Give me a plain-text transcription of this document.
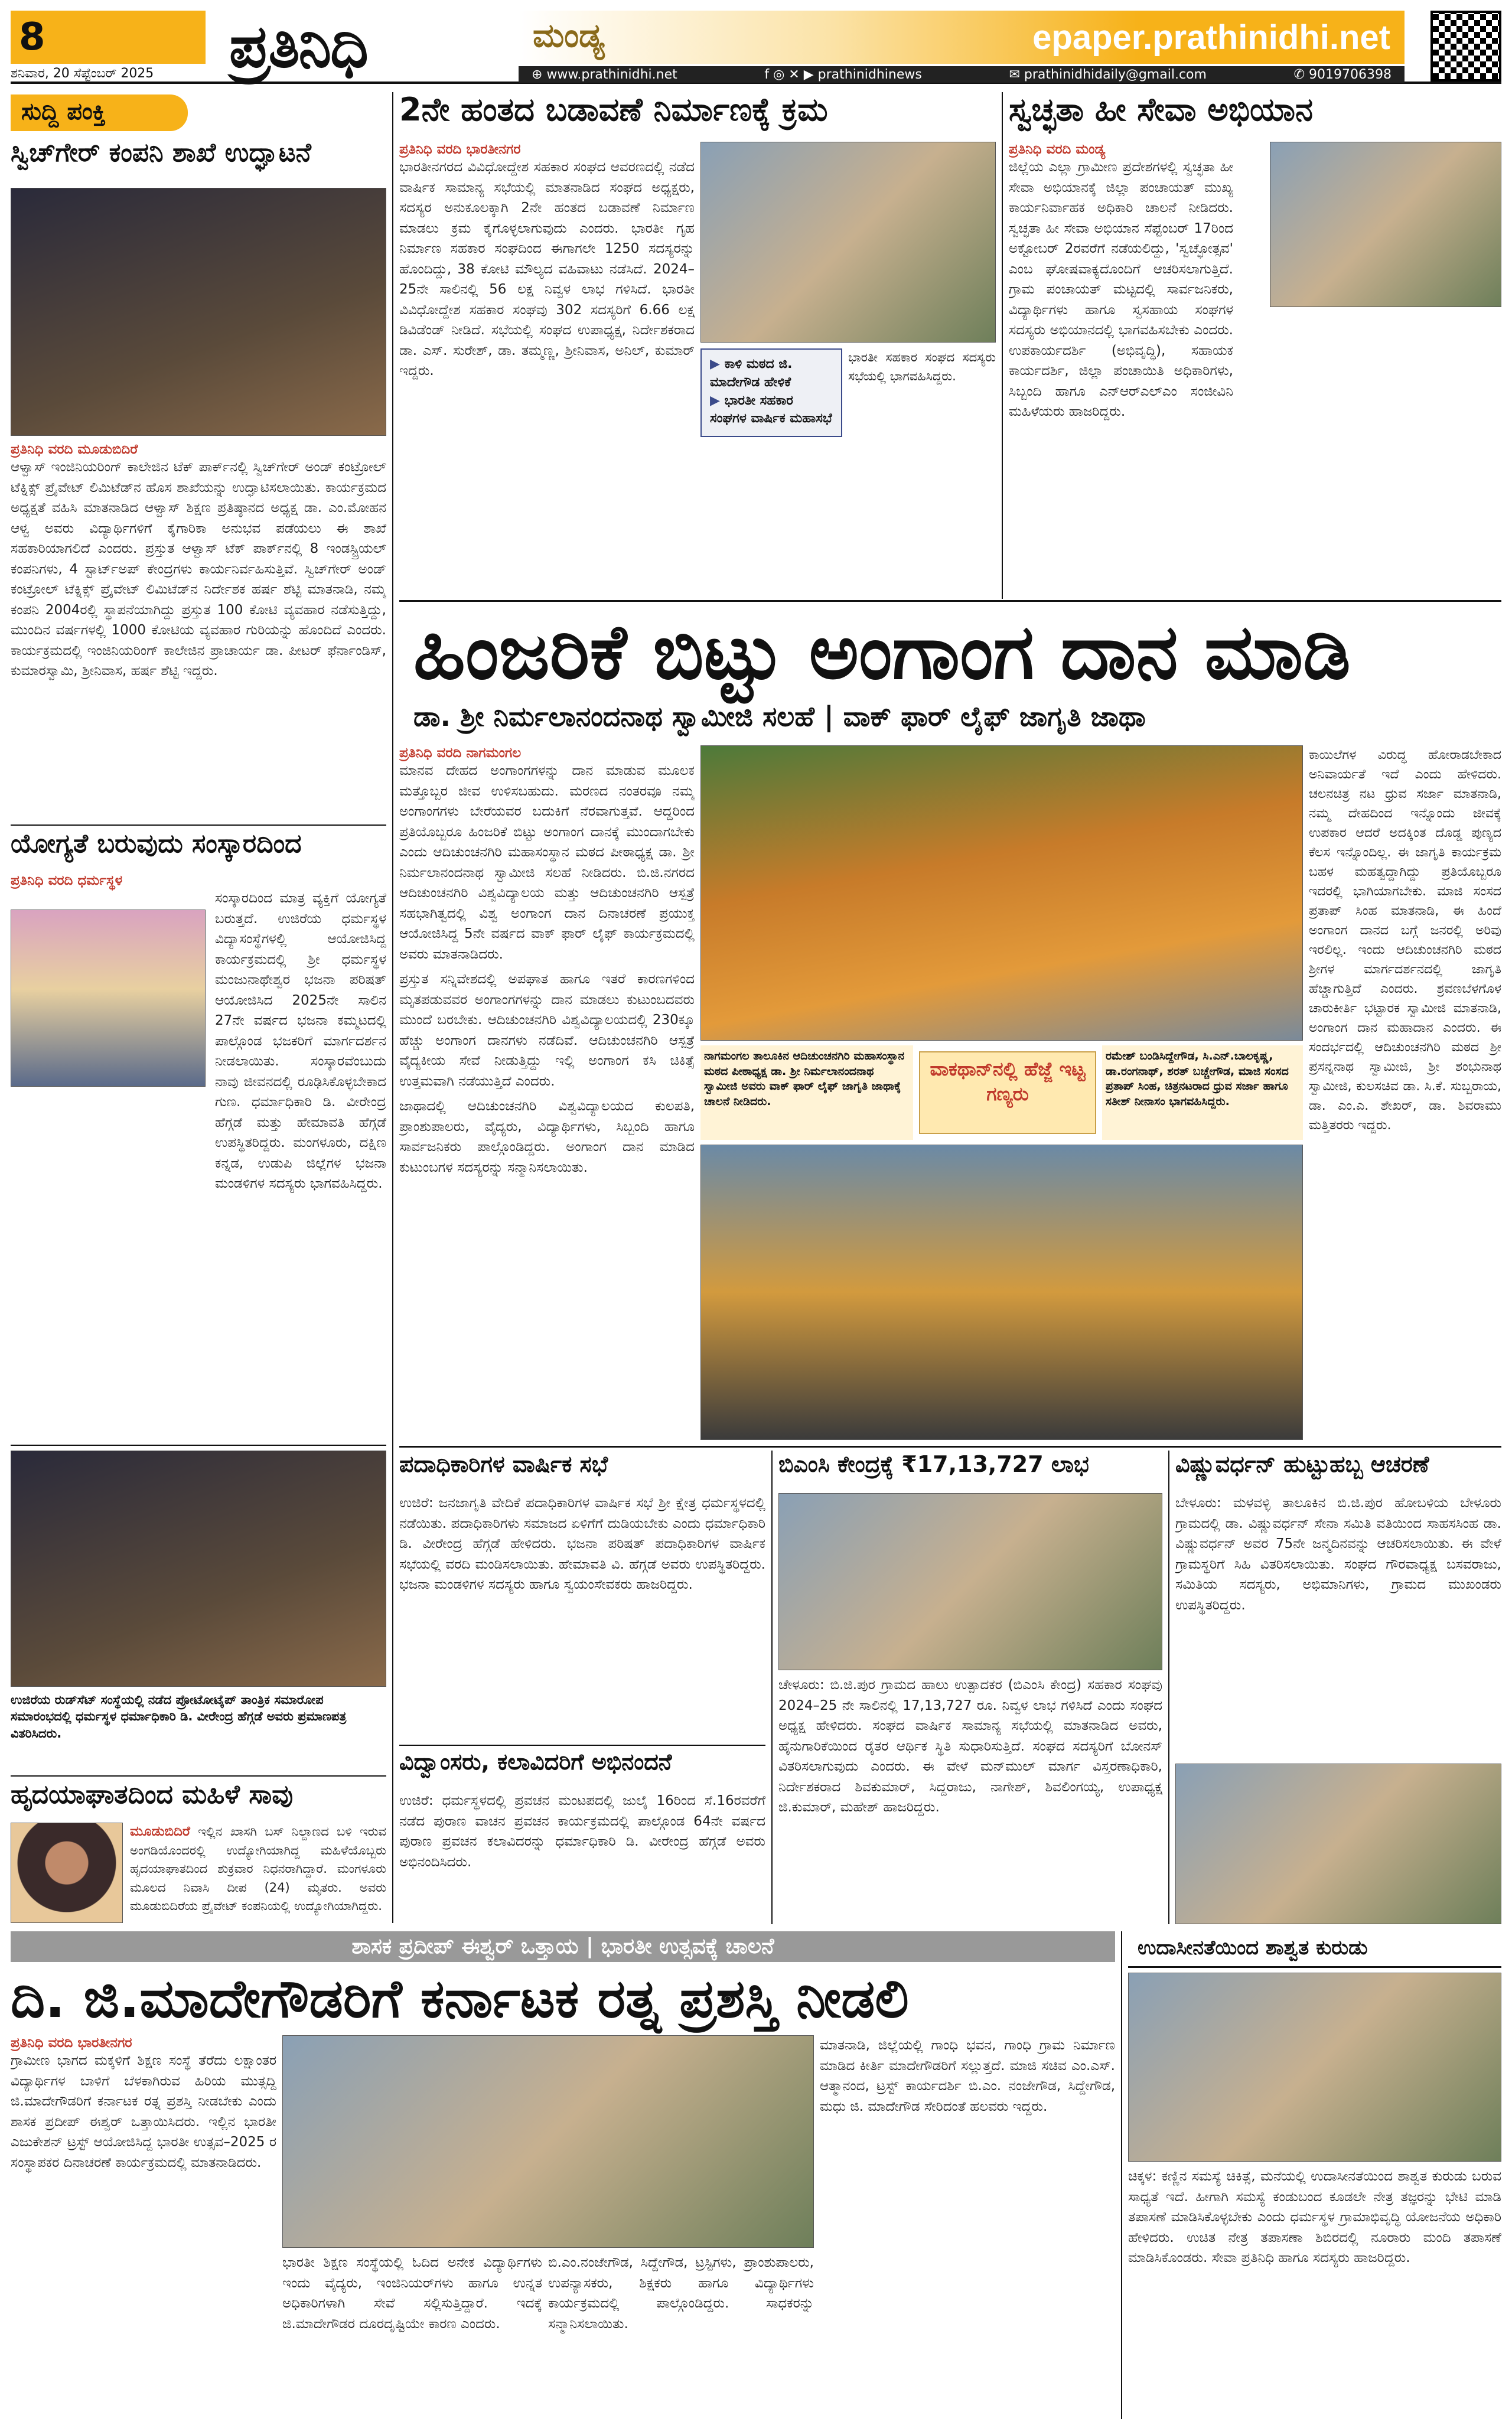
8
ಶನಿವಾರ, 20 ಸೆಪ್ಟೆಂಬರ್ 2025	ಪ್ರತಿನಿಧಿ	ಮಂಡ್ಯ	epaper.prathinidhi.net
⊕ www.prathinidhi.net	f ◎ ✕ ▶ prathinidhinews	✉ prathinidhidaily@gmail.com	✆ 9019706398
ಸುದ್ದಿ ಪಂಕ್ತಿ
ಸ್ವಿಚ್‌ಗೇರ್ ಕಂಪನಿ ಶಾಖೆ ಉದ್ಘಾಟನೆ
ಪ್ರತಿನಿಧಿ ವರದಿ ಮೂಡುಬಿದಿರೆ
ಆಳ್ವಾಸ್ ಇಂಜಿನಿಯರಿಂಗ್ ಕಾಲೇಜಿನ ಟೆಕ್ ಪಾರ್ಕ್‌ನಲ್ಲಿ ಸ್ವಿಚ್‌ಗೇರ್ ಅಂಡ್ ಕಂಟ್ರೋಲ್ ಟೆಕ್ನಿಕ್ಸ್ ಪ್ರೈವೇಟ್ ಲಿಮಿಟೆಡ್‌ನ ಹೊಸ ಶಾಖೆಯನ್ನು ಉದ್ಘಾಟಿಸಲಾಯಿತು. ಕಾರ್ಯಕ್ರಮದ ಅಧ್ಯಕ್ಷತೆ ವಹಿಸಿ ಮಾತನಾಡಿದ ಆಳ್ವಾಸ್ ಶಿಕ್ಷಣ ಪ್ರತಿಷ್ಠಾನದ ಅಧ್ಯಕ್ಷ ಡಾ. ಎಂ.ಮೋಹನ ಆಳ್ವ ಅವರು ವಿದ್ಯಾರ್ಥಿಗಳಿಗೆ ಕೈಗಾರಿಕಾ ಅನುಭವ ಪಡೆಯಲು ಈ ಶಾಖೆ ಸಹಕಾರಿಯಾಗಲಿದೆ ಎಂದರು. ಪ್ರಸ್ತುತ ಆಳ್ವಾಸ್ ಟೆಕ್ ಪಾರ್ಕ್‌ನಲ್ಲಿ 8 ಇಂಡಸ್ಟ್ರಿಯಲ್ ಕಂಪನಿಗಳು, 4 ಸ್ಟಾರ್ಟ್‌ಅಪ್ ಕೇಂದ್ರಗಳು ಕಾರ್ಯನಿರ್ವಹಿಸುತ್ತಿವೆ. ಸ್ವಿಚ್‌ಗೇರ್ ಅಂಡ್ ಕಂಟ್ರೋಲ್ ಟೆಕ್ನಿಕ್ಸ್ ಪ್ರೈವೇಟ್ ಲಿಮಿಟೆಡ್‌ನ ನಿರ್ದೇಶಕ ಹರ್ಷ ಶೆಟ್ಟಿ ಮಾತನಾಡಿ, ನಮ್ಮ ಕಂಪನಿ 2004ರಲ್ಲಿ ಸ್ಥಾಪನೆಯಾಗಿದ್ದು ಪ್ರಸ್ತುತ 100 ಕೋಟಿ ವ್ಯವಹಾರ ನಡೆಸುತ್ತಿದ್ದು, ಮುಂದಿನ ವರ್ಷಗಳಲ್ಲಿ 1000 ಕೋಟಿಯ ವ್ಯವಹಾರ ಗುರಿಯನ್ನು ಹೊಂದಿದೆ ಎಂದರು. ಕಾರ್ಯಕ್ರಮದಲ್ಲಿ ಇಂಜಿನಿಯರಿಂಗ್ ಕಾಲೇಜಿನ ಪ್ರಾಚಾರ್ಯ ಡಾ. ಪೀಟರ್ ಫೆರ್ನಾಂಡಿಸ್, ಕುಮಾರಸ್ವಾಮಿ, ಶ್ರೀನಿವಾಸ, ಹರ್ಷ ಶೆಟ್ಟಿ ಇದ್ದರು.
ಯೋಗ್ಯತೆ ಬರುವುದು ಸಂಸ್ಕಾರದಿಂದ
ಪ್ರತಿನಿಧಿ ವರದಿ ಧರ್ಮಸ್ಥಳ
ಸಂಸ್ಕಾರದಿಂದ ಮಾತ್ರ ವ್ಯಕ್ತಿಗೆ ಯೋಗ್ಯತೆ ಬರುತ್ತದೆ. ಉಜಿರೆಯ ಧರ್ಮಸ್ಥಳ ವಿದ್ಯಾಸಂಸ್ಥೆಗಳಲ್ಲಿ ಆಯೋಜಿಸಿದ್ದ ಕಾರ್ಯಕ್ರಮದಲ್ಲಿ ಶ್ರೀ ಧರ್ಮಸ್ಥಳ ಮಂಜುನಾಥೇಶ್ವರ ಭಜನಾ ಪರಿಷತ್ ಆಯೋಜಿಸಿದ 2025ನೇ ಸಾಲಿನ 27ನೇ ವರ್ಷದ ಭಜನಾ ಕಮ್ಮಟದಲ್ಲಿ ಪಾಲ್ಗೊಂಡ ಭಜಕರಿಗೆ ಮಾರ್ಗದರ್ಶನ ನೀಡಲಾಯಿತು. ಸಂಸ್ಕಾರವೆಂಬುದು ನಾವು ಜೀವನದಲ್ಲಿ ರೂಢಿಸಿಕೊಳ್ಳಬೇಕಾದ ಗುಣ. ಧರ್ಮಾಧಿಕಾರಿ ಡಿ. ವೀರೇಂದ್ರ ಹೆಗ್ಗಡೆ ಮತ್ತು ಹೇಮಾವತಿ ಹೆಗ್ಗಡೆ ಉಪಸ್ಥಿತರಿದ್ದರು. ಮಂಗಳೂರು, ದಕ್ಷಿಣ ಕನ್ನಡ, ಉಡುಪಿ ಜಿಲ್ಲೆಗಳ ಭಜನಾ ಮಂಡಳಿಗಳ ಸದಸ್ಯರು ಭಾಗವಹಿಸಿದ್ದರು.
ಉಜಿರೆಯ ರುಡ್‌ಸೆಟ್ ಸಂಸ್ಥೆಯಲ್ಲಿ ನಡೆದ ಪ್ರೋಟೋಟೈಪ್ ತಾಂತ್ರಿಕ ಸಮಾರೋಪ ಸಮಾರಂಭದಲ್ಲಿ ಧರ್ಮಸ್ಥಳ ಧರ್ಮಾಧಿಕಾರಿ ಡಿ. ವೀರೇಂದ್ರ ಹೆಗ್ಗಡೆ ಅವರು ಪ್ರಮಾಣಪತ್ರ ವಿತರಿಸಿದರು.
ಹೃದಯಾಘಾತದಿಂದ ಮಹಿಳೆ ಸಾವು
ಮೂಡುಬಿದಿರೆ ಇಲ್ಲಿನ ಖಾಸಗಿ ಬಸ್ ನಿಲ್ದಾಣದ ಬಳಿ ಇರುವ ಅಂಗಡಿಯೊಂದರಲ್ಲಿ ಉದ್ಯೋಗಿಯಾಗಿದ್ದ ಮಹಿಳೆಯೊಬ್ಬರು ಹೃದಯಾಘಾತದಿಂದ ಶುಕ್ರವಾರ ನಿಧನರಾಗಿದ್ದಾರೆ. ಮಂಗಳೂರು ಮೂಲದ ನಿವಾಸಿ ದೀಪ (24) ಮೃತರು. ಅವರು ಮೂಡುಬಿದಿರೆಯ ಪ್ರೈವೇಟ್ ಕಂಪನಿಯಲ್ಲಿ ಉದ್ಯೋಗಿಯಾಗಿದ್ದರು.
2ನೇ ಹಂತದ ಬಡಾವಣೆ ನಿರ್ಮಾಣಕ್ಕೆ ಕ್ರಮ
ಪ್ರತಿನಿಧಿ ವರದಿ ಭಾರತೀನಗರ
ಭಾರತೀನಗರದ ವಿವಿಧೋದ್ದೇಶ ಸಹಕಾರ ಸಂಘದ ಆವರಣದಲ್ಲಿ ನಡೆದ ವಾರ್ಷಿಕ ಸಾಮಾನ್ಯ ಸಭೆಯಲ್ಲಿ ಮಾತನಾಡಿದ ಸಂಘದ ಅಧ್ಯಕ್ಷರು, ಸದಸ್ಯರ ಅನುಕೂಲಕ್ಕಾಗಿ 2ನೇ ಹಂತದ ಬಡಾವಣೆ ನಿರ್ಮಾಣ ಮಾಡಲು ಕ್ರಮ ಕೈಗೊಳ್ಳಲಾಗುವುದು ಎಂದರು. ಭಾರತೀ ಗೃಹ ನಿರ್ಮಾಣ ಸಹಕಾರ ಸಂಘದಿಂದ ಈಗಾಗಲೇ 1250 ಸದಸ್ಯರನ್ನು ಹೊಂದಿದ್ದು, 38 ಕೋಟಿ ಮೌಲ್ಯದ ವಹಿವಾಟು ನಡೆಸಿದೆ. 2024–25ನೇ ಸಾಲಿನಲ್ಲಿ 56 ಲಕ್ಷ ನಿವ್ವಳ ಲಾಭ ಗಳಿಸಿದೆ. ಭಾರತೀ ವಿವಿಧೋದ್ದೇಶ ಸಹಕಾರ ಸಂಘವು 302 ಸದಸ್ಯರಿಗೆ 6.66 ಲಕ್ಷ ಡಿವಿಡೆಂಡ್ ನೀಡಿದೆ. ಸಭೆಯಲ್ಲಿ ಸಂಘದ ಉಪಾಧ್ಯಕ್ಷ, ನಿರ್ದೇಶಕರಾದ ಡಾ. ಎಸ್. ಸುರೇಶ್, ಡಾ. ತಮ್ಮಣ್ಣ, ಶ್ರೀನಿವಾಸ, ಅನಿಲ್, ಕುಮಾರ್ ಇದ್ದರು.
▶	ಕಾಳಿ ಮಠದ ಜಿ. ಮಾದೇಗೌಡ ಹೇಳಿಕೆ
▶ ಭಾರತೀ ಸಹಕಾರ ಸಂಘಗಳ ವಾರ್ಷಿಕ ಮಹಾಸಭೆ
ಭಾರತೀ ಸಹಕಾರ ಸಂಘದ ಸದಸ್ಯರು ಸಭೆಯಲ್ಲಿ ಭಾಗವಹಿಸಿದ್ದರು.
ಸ್ವಚ್ಛತಾ ಹೀ ಸೇವಾ ಅಭಿಯಾನ
ಪ್ರತಿನಿಧಿ ವರದಿ ಮಂಡ್ಯ
ಜಿಲ್ಲೆಯ ಎಲ್ಲಾ ಗ್ರಾಮೀಣ ಪ್ರದೇಶಗಳಲ್ಲಿ ಸ್ವಚ್ಛತಾ ಹೀ ಸೇವಾ ಅಭಿಯಾನಕ್ಕೆ ಜಿಲ್ಲಾ ಪಂಚಾಯತ್ ಮುಖ್ಯ ಕಾರ್ಯನಿರ್ವಾಹಕ ಅಧಿಕಾರಿ ಚಾಲನೆ ನೀಡಿದರು. ಸ್ವಚ್ಛತಾ ಹೀ ಸೇವಾ ಅಭಿಯಾನ ಸೆಪ್ಟೆಂಬರ್ 17ರಿಂದ ಅಕ್ಟೋಬರ್ 2ರವರೆಗೆ ನಡೆಯಲಿದ್ದು, 'ಸ್ವಚ್ಛೋತ್ಸವ' ಎಂಬ ಘೋಷವಾಕ್ಯದೊಂದಿಗೆ ಆಚರಿಸಲಾಗುತ್ತಿದೆ. ಗ್ರಾಮ ಪಂಚಾಯತ್ ಮಟ್ಟದಲ್ಲಿ ಸಾರ್ವಜನಿಕರು, ವಿದ್ಯಾರ್ಥಿಗಳು ಹಾಗೂ ಸ್ವಸಹಾಯ ಸಂಘಗಳ ಸದಸ್ಯರು ಅಭಿಯಾನದಲ್ಲಿ ಭಾಗವಹಿಸಬೇಕು ಎಂದರು. ಉಪಕಾರ್ಯದರ್ಶಿ (ಅಭಿವೃದ್ಧಿ), ಸಹಾಯಕ ಕಾರ್ಯದರ್ಶಿ, ಜಿಲ್ಲಾ ಪಂಚಾಯಿತಿ ಅಧಿಕಾರಿಗಳು, ಸಿಬ್ಬಂದಿ ಹಾಗೂ ಎನ್‌ಆರ್‌ಎಲ್‌ಎಂ ಸಂಜೀವಿನಿ ಮಹಿಳೆಯರು ಹಾಜರಿದ್ದರು.
ಹಿಂಜರಿಕೆ ಬಿಟ್ಟು ಅಂಗಾಂಗ ದಾನ ಮಾಡಿ
ಡಾ. ಶ್ರೀ ನಿರ್ಮಲಾನಂದನಾಥ ಸ್ವಾಮೀಜಿ ಸಲಹೆ | ವಾಕ್ ಫಾರ್ ಲೈಫ್ ಜಾಗೃತಿ ಜಾಥಾ
ಪ್ರತಿನಿಧಿ ವರದಿ ನಾಗಮಂಗಲ
ಮಾನವ ದೇಹದ ಅಂಗಾಂಗಗಳನ್ನು ದಾನ ಮಾಡುವ ಮೂಲಕ ಮತ್ತೊಬ್ಬರ ಜೀವ ಉಳಿಸಬಹುದು. ಮರಣದ ನಂತರವೂ ನಮ್ಮ ಅಂಗಾಂಗಗಳು ಬೇರೆಯವರ ಬದುಕಿಗೆ ನೆರವಾಗುತ್ತವೆ. ಆದ್ದರಿಂದ ಪ್ರತಿಯೊಬ್ಬರೂ ಹಿಂಜರಿಕೆ ಬಿಟ್ಟು ಅಂಗಾಂಗ ದಾನಕ್ಕೆ ಮುಂದಾಗಬೇಕು ಎಂದು ಆದಿಚುಂಚನಗಿರಿ ಮಹಾಸಂಸ್ಥಾನ ಮಠದ ಪೀಠಾಧ್ಯಕ್ಷ ಡಾ. ಶ್ರೀ ನಿರ್ಮಲಾನಂದನಾಥ ಸ್ವಾಮೀಜಿ ಸಲಹೆ ನೀಡಿದರು. ಬಿ.ಜಿ.ನಗರದ ಆದಿಚುಂಚನಗಿರಿ ವಿಶ್ವವಿದ್ಯಾಲಯ ಮತ್ತು ಆದಿಚುಂಚನಗಿರಿ ಆಸ್ಪತ್ರೆ ಸಹಭಾಗಿತ್ವದಲ್ಲಿ ವಿಶ್ವ ಅಂಗಾಂಗ ದಾನ ದಿನಾಚರಣೆ ಪ್ರಯುಕ್ತ ಆಯೋಜಿಸಿದ್ದ 5ನೇ ವರ್ಷದ ವಾಕ್ ಫಾರ್ ಲೈಫ್ ಕಾರ್ಯಕ್ರಮದಲ್ಲಿ ಅವರು ಮಾತನಾಡಿದರು.
ಪ್ರಸ್ತುತ ಸನ್ನಿವೇಶದಲ್ಲಿ ಅಪಘಾತ ಹಾಗೂ ಇತರೆ ಕಾರಣಗಳಿಂದ ಮೃತಪಡುವವರ ಅಂಗಾಂಗಗಳನ್ನು ದಾನ ಮಾಡಲು ಕುಟುಂಬದವರು ಮುಂದೆ ಬರಬೇಕು. ಆದಿಚುಂಚನಗಿರಿ ವಿಶ್ವವಿದ್ಯಾಲಯದಲ್ಲಿ 230ಕ್ಕೂ ಹೆಚ್ಚು ಅಂಗಾಂಗ ದಾನಗಳು ನಡೆದಿವೆ. ಆದಿಚುಂಚನಗಿರಿ ಆಸ್ಪತ್ರೆ ವೈದ್ಯಕೀಯ ಸೇವೆ ನೀಡುತ್ತಿದ್ದು ಇಲ್ಲಿ ಅಂಗಾಂಗ ಕಸಿ ಚಿಕಿತ್ಸೆ ಉತ್ತಮವಾಗಿ ನಡೆಯುತ್ತಿದೆ ಎಂದರು.
ಜಾಥಾದಲ್ಲಿ ಆದಿಚುಂಚನಗಿರಿ ವಿಶ್ವವಿದ್ಯಾಲಯದ ಕುಲಪತಿ, ಪ್ರಾಂಶುಪಾಲರು, ವೈದ್ಯರು, ವಿದ್ಯಾರ್ಥಿಗಳು, ಸಿಬ್ಬಂದಿ ಹಾಗೂ ಸಾರ್ವಜನಿಕರು ಪಾಲ್ಗೊಂಡಿದ್ದರು. ಅಂಗಾಂಗ ದಾನ ಮಾಡಿದ ಕುಟುಂಬಗಳ ಸದಸ್ಯರನ್ನು ಸನ್ಮಾನಿಸಲಾಯಿತು.
ನಾಗಮಂಗಲ ತಾಲೂಕಿನ ಆದಿಚುಂಚನಗಿರಿ ಮಹಾಸಂಸ್ಥಾನ ಮಠದ ಪೀಠಾಧ್ಯಕ್ಷ ಡಾ. ಶ್ರೀ ನಿರ್ಮಲಾನಂದನಾಥ ಸ್ವಾಮೀಜಿ ಅವರು ವಾಕ್ ಫಾರ್ ಲೈಫ್ ಜಾಗೃತಿ ಜಾಥಾಕ್ಕೆ ಚಾಲನೆ ನೀಡಿದರು.
ವಾಕಥಾನ್‌ನಲ್ಲಿ ಹೆಜ್ಜೆ ಇಟ್ಟ ಗಣ್ಯರು
ರಮೇಶ್ ಬಂಡಿಸಿದ್ದೇಗೌಡ, ಸಿ.ಎನ್.ಬಾಲಕೃಷ್ಣ, ಡಾ.ರಂಗನಾಥ್, ಶರತ್ ಬಚ್ಚೇಗೌಡ, ಮಾಜಿ ಸಂಸದ ಪ್ರತಾಪ್ ಸಿಂಹ, ಚಿತ್ರನಟರಾದ ಧ್ರುವ ಸರ್ಜಾ ಹಾಗೂ ಸತೀಶ್ ನೀನಾಸಂ ಭಾಗವಹಿಸಿದ್ದರು.
ಕಾಯಿಲೆಗಳ ವಿರುದ್ಧ ಹೋರಾಡಬೇಕಾದ ಅನಿವಾರ್ಯತೆ ಇದೆ ಎಂದು ಹೇಳಿದರು. ಚಲನಚಿತ್ರ ನಟ ಧ್ರುವ ಸರ್ಜಾ ಮಾತನಾಡಿ, ನಮ್ಮ ದೇಹದಿಂದ ಇನ್ನೊಂದು ಜೀವಕ್ಕೆ ಉಪಕಾರ ಆದರೆ ಅದಕ್ಕಿಂತ ದೊಡ್ಡ ಪುಣ್ಯದ ಕೆಲಸ ಇನ್ನೊಂದಿಲ್ಲ. ಈ ಜಾಗೃತಿ ಕಾರ್ಯಕ್ರಮ ಬಹಳ ಮಹತ್ವದ್ದಾಗಿದ್ದು ಪ್ರತಿಯೊಬ್ಬರೂ ಇದರಲ್ಲಿ ಭಾಗಿಯಾಗಬೇಕು. ಮಾಜಿ ಸಂಸದ ಪ್ರತಾಪ್ ಸಿಂಹ ಮಾತನಾಡಿ, ಈ ಹಿಂದೆ ಅಂಗಾಂಗ ದಾನದ ಬಗ್ಗೆ ಜನರಲ್ಲಿ ಅರಿವು ಇರಲಿಲ್ಲ. ಇಂದು ಆದಿಚುಂಚನಗಿರಿ ಮಠದ ಶ್ರೀಗಳ ಮಾರ್ಗದರ್ಶನದಲ್ಲಿ ಜಾಗೃತಿ ಹೆಚ್ಚಾಗುತ್ತಿದೆ ಎಂದರು. ಶ್ರವಣಬೆಳಗೊಳ ಚಾರುಕೀರ್ತಿ ಭಟ್ಟಾರಕ ಸ್ವಾಮೀಜಿ ಮಾತನಾಡಿ, ಅಂಗಾಂಗ ದಾನ ಮಹಾದಾನ ಎಂದರು. ಈ ಸಂದರ್ಭದಲ್ಲಿ ಆದಿಚುಂಚನಗಿರಿ ಮಠದ ಶ್ರೀ ಪ್ರಸನ್ನನಾಥ ಸ್ವಾಮೀಜಿ, ಶ್ರೀ ಶಂಭುನಾಥ ಸ್ವಾಮೀಜಿ, ಕುಲಸಚಿವ ಡಾ. ಸಿ.ಕೆ. ಸುಬ್ಬರಾಯ, ಡಾ. ಎಂ.ಎ. ಶೇಖರ್, ಡಾ. ಶಿವರಾಮು ಮತ್ತಿತರರು ಇದ್ದರು.
ಪದಾಧಿಕಾರಿಗಳ ವಾರ್ಷಿಕ ಸಭೆ
ಉಜಿರೆ: ಜನಜಾಗೃತಿ ವೇದಿಕೆ ಪದಾಧಿಕಾರಿಗಳ ವಾರ್ಷಿಕ ಸಭೆ ಶ್ರೀ ಕ್ಷೇತ್ರ ಧರ್ಮಸ್ಥಳದಲ್ಲಿ ನಡೆಯಿತು. ಪದಾಧಿಕಾರಿಗಳು ಸಮಾಜದ ಏಳಿಗೆಗೆ ದುಡಿಯಬೇಕು ಎಂದು ಧರ್ಮಾಧಿಕಾರಿ ಡಿ. ವೀರೇಂದ್ರ ಹೆಗ್ಗಡೆ ಹೇಳಿದರು. ಭಜನಾ ಪರಿಷತ್ ಪದಾಧಿಕಾರಿಗಳ ವಾರ್ಷಿಕ ಸಭೆಯಲ್ಲಿ ವರದಿ ಮಂಡಿಸಲಾಯಿತು. ಹೇಮಾವತಿ ವಿ. ಹೆಗ್ಗಡೆ ಅವರು ಉಪಸ್ಥಿತರಿದ್ದರು. ಭಜನಾ ಮಂಡಳಿಗಳ ಸದಸ್ಯರು ಹಾಗೂ ಸ್ವಯಂಸೇವಕರು ಹಾಜರಿದ್ದರು.
ವಿದ್ವಾಂಸರು, ಕಲಾವಿದರಿಗೆ ಅಭಿನಂದನೆ
ಉಜಿರೆ: ಧರ್ಮಸ್ಥಳದಲ್ಲಿ ಪ್ರವಚನ ಮಂಟಪದಲ್ಲಿ ಜುಲೈ 16ರಿಂದ ಸೆ.16ರವರೆಗೆ ನಡೆದ ಪುರಾಣ ವಾಚನ ಪ್ರವಚನ ಕಾರ್ಯಕ್ರಮದಲ್ಲಿ ಪಾಲ್ಗೊಂಡ 64ನೇ ವರ್ಷದ ಪುರಾಣ ಪ್ರವಚನ ಕಲಾವಿದರನ್ನು ಧರ್ಮಾಧಿಕಾರಿ ಡಿ. ವೀರೇಂದ್ರ ಹೆಗ್ಗಡೆ ಅವರು ಅಭಿನಂದಿಸಿದರು.
ಬಿಎಂಸಿ ಕೇಂದ್ರಕ್ಕೆ ₹17,13,727 ಲಾಭ
ಚೇಳೂರು: ಬಿ.ಜಿ.ಪುರ ಗ್ರಾಮದ ಹಾಲು ಉತ್ಪಾದಕರ (ಬಿಎಂಸಿ ಕೇಂದ್ರ) ಸಹಕಾರ ಸಂಘವು 2024–25 ನೇ ಸಾಲಿನಲ್ಲಿ 17,13,727 ರೂ. ನಿವ್ವಳ ಲಾಭ ಗಳಿಸಿದೆ ಎಂದು ಸಂಘದ ಅಧ್ಯಕ್ಷ ಹೇಳಿದರು. ಸಂಘದ ವಾರ್ಷಿಕ ಸಾಮಾನ್ಯ ಸಭೆಯಲ್ಲಿ ಮಾತನಾಡಿದ ಅವರು, ಹೈನುಗಾರಿಕೆಯಿಂದ ರೈತರ ಆರ್ಥಿಕ ಸ್ಥಿತಿ ಸುಧಾರಿಸುತ್ತಿದೆ. ಸಂಘದ ಸದಸ್ಯರಿಗೆ ಬೋನಸ್ ವಿತರಿಸಲಾಗುವುದು ಎಂದರು. ಈ ವೇಳೆ ಮನ್‌ಮುಲ್ ಮಾರ್ಗ ವಿಸ್ತರಣಾಧಿಕಾರಿ, ನಿರ್ದೇಶಕರಾದ ಶಿವಕುಮಾರ್, ಸಿದ್ದರಾಜು, ನಾಗೇಶ್, ಶಿವಲಿಂಗಯ್ಯ, ಉಪಾಧ್ಯಕ್ಷ ಜಿ.ಕುಮಾರ್, ಮಹೇಶ್ ಹಾಜರಿದ್ದರು.
ವಿಷ್ಣುವರ್ಧನ್ ಹುಟ್ಟುಹಬ್ಬ ಆಚರಣೆ
ಬೇಳೂರು: ಮಳವಳ್ಳಿ ತಾಲೂಕಿನ ಬಿ.ಜಿ.ಪುರ ಹೋಬಳಿಯ ಬೇಳೂರು ಗ್ರಾಮದಲ್ಲಿ ಡಾ. ವಿಷ್ಣುವರ್ಧನ್ ಸೇನಾ ಸಮಿತಿ ವತಿಯಿಂದ ಸಾಹಸಸಿಂಹ ಡಾ. ವಿಷ್ಣುವರ್ಧನ್ ಅವರ 75ನೇ ಜನ್ಮದಿನವನ್ನು ಆಚರಿಸಲಾಯಿತು. ಈ ವೇಳೆ ಗ್ರಾಮಸ್ಥರಿಗೆ ಸಿಹಿ ವಿತರಿಸಲಾಯಿತು. ಸಂಘದ ಗೌರವಾಧ್ಯಕ್ಷ ಬಸವರಾಜು, ಸಮಿತಿಯ ಸದಸ್ಯರು, ಅಭಿಮಾನಿಗಳು, ಗ್ರಾಮದ ಮುಖಂಡರು ಉಪಸ್ಥಿತರಿದ್ದರು.
ಶಾಸಕ ಪ್ರದೀಪ್ ಈಶ್ವರ್ ಒತ್ತಾಯ | ಭಾರತೀ ಉತ್ಸವಕ್ಕೆ ಚಾಲನೆ
ದಿ. ಜಿ.ಮಾದೇಗೌಡರಿಗೆ ಕರ್ನಾಟಕ ರತ್ನ ಪ್ರಶಸ್ತಿ ನೀಡಲಿ
ಪ್ರತಿನಿಧಿ ವರದಿ ಭಾರತೀನಗರ
ಗ್ರಾಮೀಣ ಭಾಗದ ಮಕ್ಕಳಿಗೆ ಶಿಕ್ಷಣ ಸಂಸ್ಥೆ ತೆರೆದು ಲಕ್ಷಾಂತರ ವಿದ್ಯಾರ್ಥಿಗಳ ಬಾಳಿಗೆ ಬೆಳಕಾಗಿರುವ ಹಿರಿಯ ಮುತ್ಸದ್ದಿ ಜಿ.ಮಾದೇಗೌಡರಿಗೆ ಕರ್ನಾಟಕ ರತ್ನ ಪ್ರಶಸ್ತಿ ನೀಡಬೇಕು ಎಂದು ಶಾಸಕ ಪ್ರದೀಪ್ ಈಶ್ವರ್ ಒತ್ತಾಯಿಸಿದರು. ಇಲ್ಲಿನ ಭಾರತೀ ಎಜುಕೇಶನ್ ಟ್ರಸ್ಟ್ ಆಯೋಜಿಸಿದ್ದ ಭಾರತೀ ಉತ್ಸವ–2025 ರ ಸಂಸ್ಥಾಪಕರ ದಿನಾಚರಣೆ ಕಾರ್ಯಕ್ರಮದಲ್ಲಿ ಮಾತನಾಡಿದರು.
ಭಾರತೀ ಶಿಕ್ಷಣ ಸಂಸ್ಥೆಯಲ್ಲಿ ಓದಿದ ಅನೇಕ ವಿದ್ಯಾರ್ಥಿಗಳು ಇಂದು ವೈದ್ಯರು, ಇಂಜಿನಿಯರ್‌ಗಳು ಹಾಗೂ ಉನ್ನತ ಅಧಿಕಾರಿಗಳಾಗಿ ಸೇವೆ ಸಲ್ಲಿಸುತ್ತಿದ್ದಾರೆ. ಇದಕ್ಕೆ ಜಿ.ಮಾದೇಗೌಡರ ದೂರದೃಷ್ಟಿಯೇ ಕಾರಣ ಎಂದರು.
ಬಿ.ಎಂ.ನಂಜೇಗೌಡ, ಸಿದ್ದೇಗೌಡ, ಟ್ರಸ್ಟಿಗಳು, ಪ್ರಾಂಶುಪಾಲರು, ಉಪನ್ಯಾಸಕರು, ಶಿಕ್ಷಕರು ಹಾಗೂ ವಿದ್ಯಾರ್ಥಿಗಳು ಕಾರ್ಯಕ್ರಮದಲ್ಲಿ ಪಾಲ್ಗೊಂಡಿದ್ದರು. ಸಾಧಕರನ್ನು ಸನ್ಮಾನಿಸಲಾಯಿತು.
ಮಾತನಾಡಿ, ಜಿಲ್ಲೆಯಲ್ಲಿ ಗಾಂಧಿ ಭವನ, ಗಾಂಧಿ ಗ್ರಾಮ ನಿರ್ಮಾಣ ಮಾಡಿದ ಕೀರ್ತಿ ಮಾದೇಗೌಡರಿಗೆ ಸಲ್ಲುತ್ತದೆ. ಮಾಜಿ ಸಚಿವ ಎಂ.ಎಸ್. ಆತ್ಮಾನಂದ, ಟ್ರಸ್ಟ್ ಕಾರ್ಯದರ್ಶಿ ಬಿ.ಎಂ. ನಂಜೇಗೌಡ, ಸಿದ್ದೇಗೌಡ, ಮಧು ಜಿ. ಮಾದೇಗೌಡ ಸೇರಿದಂತೆ ಹಲವರು ಇದ್ದರು.
ಉದಾಸೀನತೆಯಿಂದ ಶಾಶ್ವತ ಕುರುಡು
ಚಿಕ್ಕಳ: ಕಣ್ಣಿನ ಸಮಸ್ಯೆ ಚಿಕಿತ್ಸೆ, ಮನೆಯಲ್ಲಿ ಉದಾಸೀನತೆಯಿಂದ ಶಾಶ್ವತ ಕುರುಡು ಬರುವ ಸಾಧ್ಯತೆ ಇದೆ. ಹೀಗಾಗಿ ಸಮಸ್ಯೆ ಕಂಡುಬಂದ ಕೂಡಲೇ ನೇತ್ರ ತಜ್ಞರನ್ನು ಭೇಟಿ ಮಾಡಿ ತಪಾಸಣೆ ಮಾಡಿಸಿಕೊಳ್ಳಬೇಕು ಎಂದು ಧರ್ಮಸ್ಥಳ ಗ್ರಾಮಾಭಿವೃದ್ಧಿ ಯೋಜನೆಯ ಅಧಿಕಾರಿ ಹೇಳಿದರು. ಉಚಿತ ನೇತ್ರ ತಪಾಸಣಾ ಶಿಬಿರದಲ್ಲಿ ನೂರಾರು ಮಂದಿ ತಪಾಸಣೆ ಮಾಡಿಸಿಕೊಂಡರು. ಸೇವಾ ಪ್ರತಿನಿಧಿ ಹಾಗೂ ಸದಸ್ಯರು ಹಾಜರಿದ್ದರು.
